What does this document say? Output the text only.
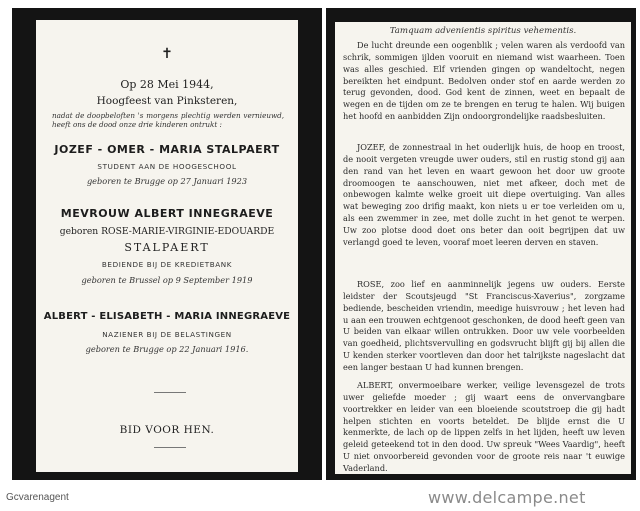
✝
Op 28 Mei 1944,
Hoogfeest van Pinksteren,
nadat de doopbeloften 's morgens plechtig werden vernieuwd, heeft ons de dood onze drie kinderen ontrukt :
JOZEF - OMER - MARIA STALPAERT
STUDENT AAN DE HOOGESCHOOL
geboren te Brugge op 27 Januari 1923
MEVROUW ALBERT INNEGRAEVE
geboren ROSE-MARIE-VIRGINIE-EDOUARDE
STALPAERT
BEDIENDE BIJ DE KREDIETBANK
geboren te Brussel op 9 September 1919
ALBERT - ELISABETH - MARIA INNEGRAEVE
NAZIENER BIJ DE BELASTINGEN
geboren te Brugge op 22 Januari 1916.
BID VOOR HEN.
Tamquam advenientis spiritus vehementis.

De lucht dreunde een oogenblik ; velen waren als verdoofd van schrik, sommigen ijlden vooruit en niemand wist waarheen. Toen was alles geschied. Elf vrienden gingen op wandeltocht, negen bereikten het eindpunt. Bedolven onder stof en aarde werden zo terug gevonden, dood. God kent de zinnen, weet en bepaalt de wegen en de tijden om ze te brengen en terug te halen. Wij buigen het hoofd en aanbidden Zijn ondoorgrondelijke raadsbesluiten.

JOZEF, de zonnestraal in het ouderlijk huis, de hoop en troost, de nooit vergeten vreugde uwer ouders, stil en rustig stond gij aan den rand van het leven en waart gewoon het door uw groote droomoogen te aanschouwen, niet met afkeer, doch met de onbewogen kalmte welke groeit uit diepe overtuiging. Van alles wat beweging zoo drifig maakt, kon niets u er toe verleiden om u, als een zwemmer in zee, met dolle zucht in het genot te werpen. Uw zoo plotse dood doet ons beter dan ooit begrijpen dat uw verlangd goed te leven, vooraf moet leeren derven en staven.

ROSE, zoo lief en aanminnelijk jegens uw ouders. Eerste leidster der Scoutsjeugd "St Franciscus-Xaverius", zorgzame bediende, bescheiden vriendin, meedige huisvrouw ; het leven had u aan een trouwen echtgenoot geschonken, de dood heeft geen van U beiden van elkaar willen ontrukken. Door uw vele voorbeelden van goedheid, plichtsvervulling en godsvrucht blijft gij bij allen die U kenden sterker voortleven dan door het talrijkste nageslacht dat een langer bestaan U had kunnen brengen.

ALBERT, onvermoeibare werker, veilige levensgezel de trots uwer geliefde moeder ; gij waart eens de onvervangbare voortrekker en leider van een bloeiende scoutstroep die gij hadt helpen stichten en voorts beteldet. De blijde ernst die U kenmerkte, de lach op de lippen zelfs in het lijden, heeft uw leven geleid geteekend tot in den dood. Uw spreuk "Wees Vaardig", heeft U niet onvoorbereid gevonden voor de groote reis naar 't euwige Vaderland.

Gcvarenagent	www.delcampe.net
